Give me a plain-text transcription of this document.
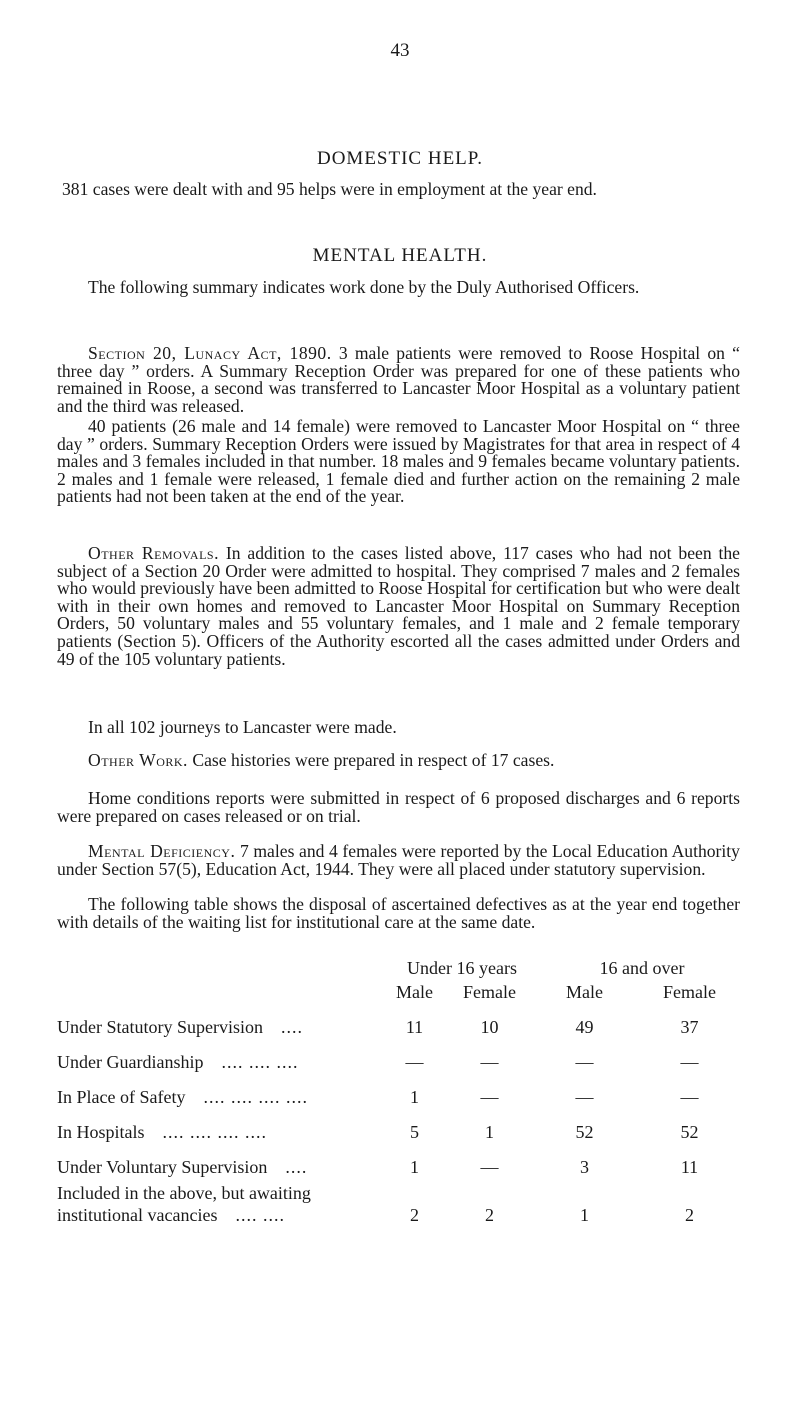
43
DOMESTIC HELP.
381 cases were dealt with and 95 helps were in employment at the year end.
MENTAL HEALTH.
The following summary indicates work done by the Duly Authorised Officers.
Section 20, Lunacy Act, 1890. 3 male patients were removed to Roose Hospital on “ three day ” orders. A Summary Reception Order was prepared for one of these patients who remained in Roose, a second was transferred to Lancaster Moor Hospital as a voluntary patient and the third was released.
40 patients (26 male and 14 female) were removed to Lancaster Moor Hospital on “ three day ” orders. Summary Reception Orders were issued by Magistrates for that area in respect of 4 males and 3 females included in that number. 18 males and 9 females became voluntary patients. 2 males and 1 female were released, 1 female died and further action on the remaining 2 male patients had not been taken at the end of the year.
Other Removals. In addition to the cases listed above, 117 cases who had not been the subject of a Section 20 Order were admitted to hospital. They comprised 7 males and 2 females who would previously have been admitted to Roose Hospital for certification but who were dealt with in their own homes and removed to Lancaster Moor Hospital on Summary Reception Orders, 50 voluntary males and 55 voluntary females, and 1 male and 2 female temporary patients (Section 5). Officers of the Authority escorted all the cases admitted under Orders and 49 of the 105 voluntary patients.
In all 102 journeys to Lancaster were made.
Other Work. Case histories were prepared in respect of 17 cases.
Home conditions reports were submitted in respect of 6 proposed discharges and 6 reports were prepared on cases released or on trial.
Mental Deficiency. 7 males and 4 females were reported by the Local Education Authority under Section 57(5), Education Act, 1944. They were all placed under statutory supervision.
The following table shows the disposal of ascertained defectives as at the year end together with details of the waiting list for institutional care at the same date.
	Under 16 years		16 and over	
	Male	Female	Male	Female
Under Statutory Supervision ....	11	10	49	37
Under Guardianship .... .... ....	—	—	—	—
In Place of Safety .... .... .... ....	1	—	—	—
In Hospitals .... .... .... ....	5	1	52	52
Under Voluntary Supervision ....	1	—	3	11
Included in the above, but awaiting
institutional vacancies .... ....	2	2	1	2
